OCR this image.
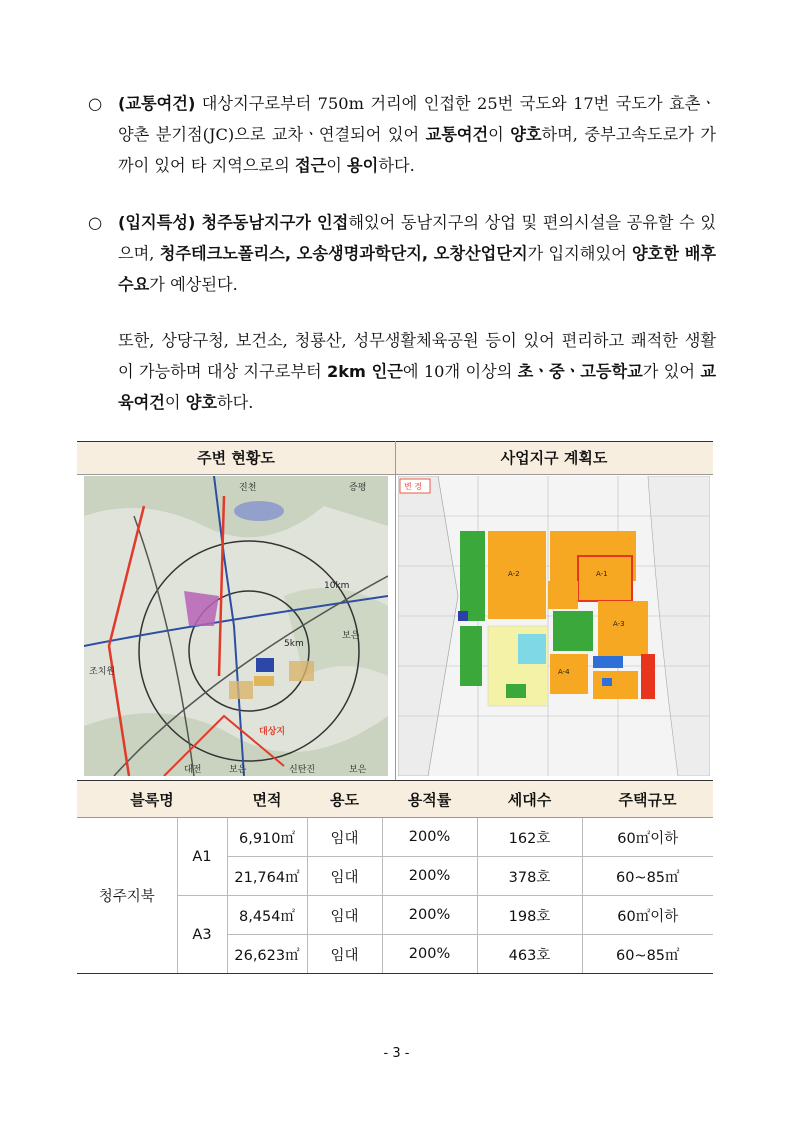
○ (교통여건) 대상지구로부터 750m 거리에 인접한 25번 국도와 17번 국도가 효촌ㆍ양촌 분기점(JC)으로 교차ㆍ연결되어 있어 교통여건이 양호하며, 중부고속도로가 가까이 있어 타 지역으로의 접근이 용이하다.
○ (입지특성) 청주동남지구가 인접해있어 동남지구의 상업 및 편의시설을 공유할 수 있으며, 청주테크노폴리스, 오송생명과학단지, 오창산업단지가 입지해있어 양호한 배후수요가 예상된다.
또한, 상당구청, 보건소, 청룡산, 성무생활체육공원 등이 있어 편리하고 쾌적한 생활이 가능하며 대상 지구로부터 2km 인근에 10개 이상의 초ㆍ중ㆍ고등학교가 있어 교육여건이 양호하다.
주변 현황도	사업지구 계획도
진천	증평
조치원
대전	보은	신탄진	보은
5km
10km
보은
대상지
변 경
A-1
A-2
A-3
A-4
블록명		면적	용도	용적률	세대수	주택규모
청주지북	A1	6,910㎡	임대	200%	162호	60㎡이하
		21,764㎡	임대	200%	378호	60~85㎡
	A3	8,454㎡	임대	200%	198호	60㎡이하
		26,623㎡	임대	200%	463호	60~85㎡
- 3 -
